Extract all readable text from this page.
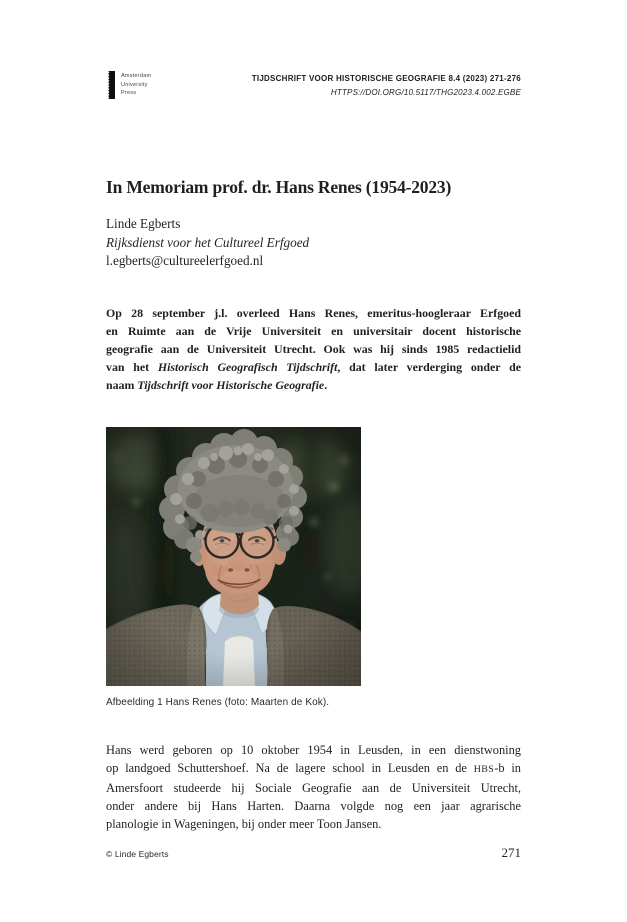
Amsterdam
University
Press
TIJDSCHRIFT VOOR HISTORISCHE GEOGRAFIE 8.4 (2023) 271-276
HTTPS://DOI.ORG/10.5117/THG2023.4.002.EGBE
In Memoriam prof. dr. Hans Renes (1954-2023)
Linde Egberts
Rijksdienst voor het Cultureel Erfgoed
l.egberts@cultureelerfgoed.nl
Op 28 september j.l. overleed Hans Renes, emeritus-hoogleraar Erfgoed
en Ruimte aan de Vrije Universiteit en universitair docent historische
geografie aan de Universiteit Utrecht. Ook was hij sinds 1985 redactielid
van het Historisch Geografisch Tijdschrift, dat later verderging onder de
naam Tijdschrift voor Historische Geografie.
Afbeelding 1 Hans Renes (foto: Maarten de Kok).
Hans werd geboren op 10 oktober 1954 in Leusden, in een dienstwoning
op landgoed Schuttershoef. Na de lagere school in Leusden en de HBS-b in
Amersfoort studeerde hij Sociale Geografie aan de Universiteit Utrecht,
onder andere bij Hans Harten. Daarna volgde nog een jaar agrarische
planologie in Wageningen, bij onder meer Toon Jansen.
© Linde Egberts	271
